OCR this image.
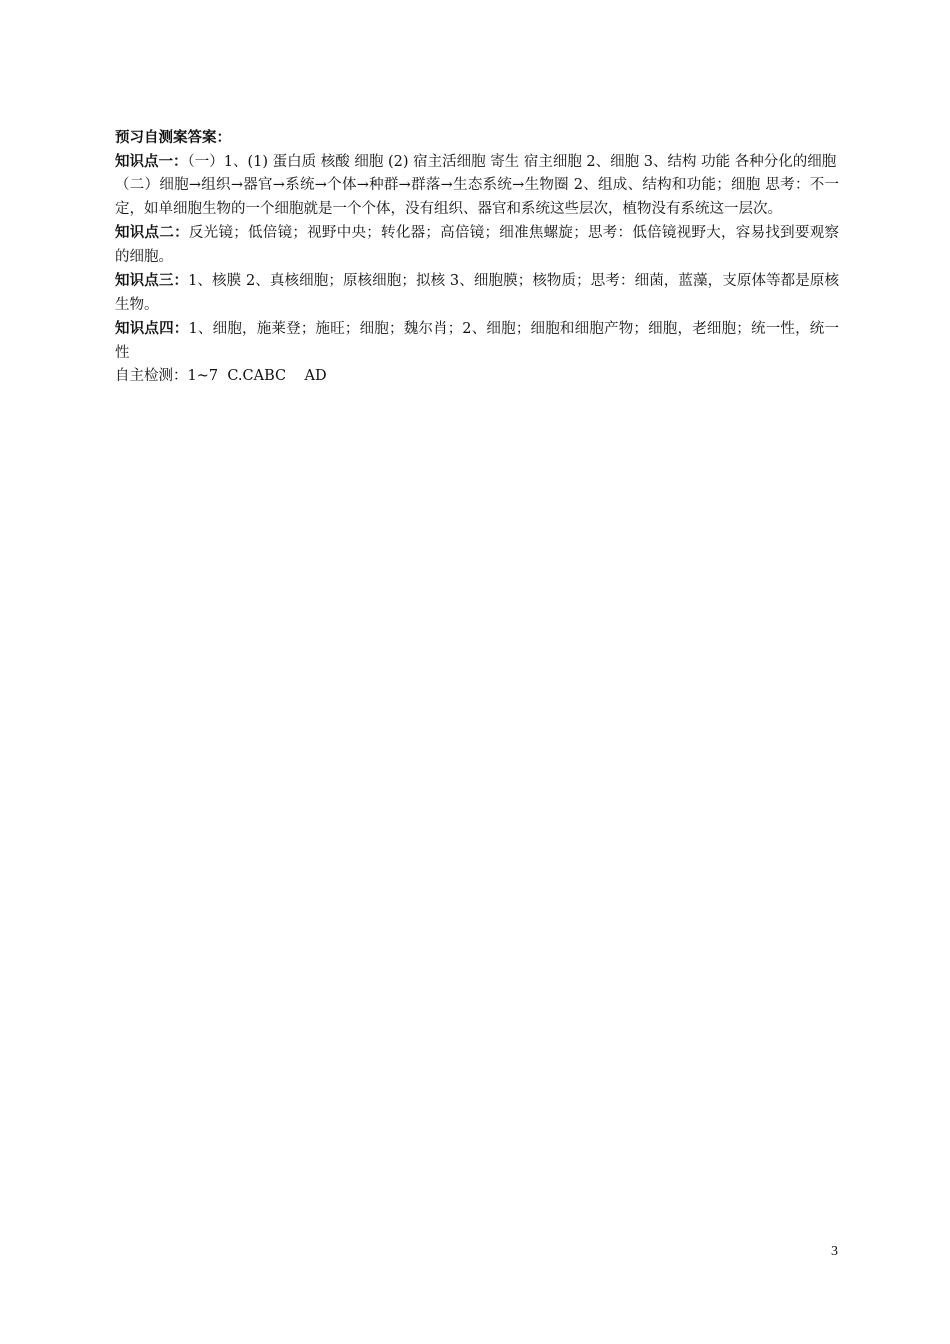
预习自测案答案：

知识点一：（一）1、(1) 蛋白质 核酸 细胞 (2) 宿主活细胞 寄生 宿主细胞 2、细胞 3、结构 功能 各种分化的细胞

（二）细胞→组织→器官→系统→个体→种群→群落→生态系统→生物圈 2、组成、结构和功能；细胞 思考：不一定，如单细胞生物的一个细胞就是一个个体，没有组织、器官和系统这些层次，植物没有系统这一层次。

知识点二：反光镜；低倍镜；视野中央；转化器；高倍镜；细准焦螺旋；思考：低倍镜视野大，容易找到要观察的细胞。

知识点三：1、核膜 2、真核细胞；原核细胞；拟核 3、细胞膜；核物质；思考：细菌，蓝藻，支原体等都是原核生物。

知识点四：1、细胞，施莱登；施旺；细胞；魏尔肖；2、细胞；细胞和细胞产物；细胞，老细胞；统一性，统一性

自主检测：1~7  C.CABC    AD

3
